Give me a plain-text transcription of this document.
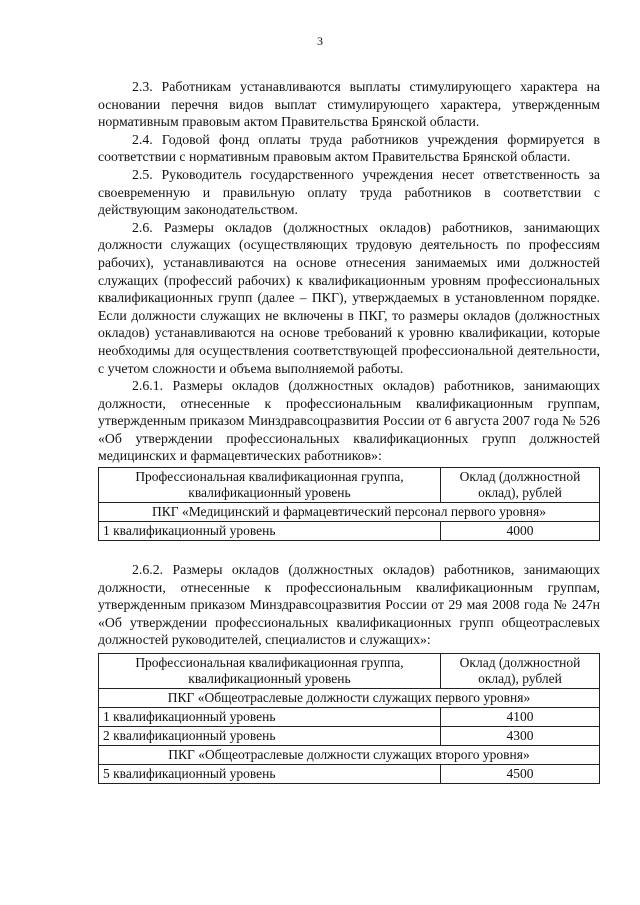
3

2.3. Работникам устанавливаются выплаты стимулирующего характера на основании перечня видов выплат стимулирующего характера, утвержденным нормативным правовым актом Правительства Брянской области.

2.4. Годовой фонд оплаты труда работников учреждения формируется в соответствии с нормативным правовым актом Правительства Брянской области.

2.5. Руководитель государственного учреждения несет ответственность за своевременную и правильную оплату труда работников в соответствии с действующим законодательством.

2.6. Размеры окладов (должностных окладов) работников, занимающих должности служащих (осуществляющих трудовую деятельность по профессиям рабочих), устанавливаются на основе отнесения занимаемых ими должностей служащих (профессий рабочих) к квалификационным уровням профессиональных квалификационных групп (далее – ПКГ), утверждаемых в установленном порядке. Если должности служащих не включены в ПКГ, то размеры окладов (должностных окладов) устанавливаются на основе требований к уровню квалификации, которые необходимы для осуществления соответствующей профессиональной деятельности, с учетом сложности и объема выполняемой работы.

2.6.1. Размеры окладов (должностных окладов) работников, занимающих должности, отнесенные к профессиональным квалификационным группам, утвержденным приказом Минздравсоцразвития России от 6 августа 2007 года № 526 «Об утверждении профессиональных квалификационных групп должностей медицинских и фармацевтических работников»:

Профессиональная квалификационная группа, квалификационный уровень	Оклад (должностной оклад), рублей
ПКГ «Медицинский и фармацевтический персонал первого уровня»	
1 квалификационный уровень	4000

2.6.2. Размеры окладов (должностных окладов) работников, занимающих должности, отнесенные к профессиональным квалификационным группам, утвержденным приказом Минздравсоцразвития России от 29 мая 2008 года № 247н «Об утверждении профессиональных квалификационных групп общеотраслевых должностей руководителей, специалистов и служащих»:

Профессиональная квалификационная группа, квалификационный уровень	Оклад (должностной оклад), рублей
ПКГ «Общеотраслевые должности служащих первого уровня»	
1 квалификационный уровень	4100
2 квалификационный уровень	4300
ПКГ «Общеотраслевые должности служащих второго уровня»	
5 квалификационный уровень	4500
